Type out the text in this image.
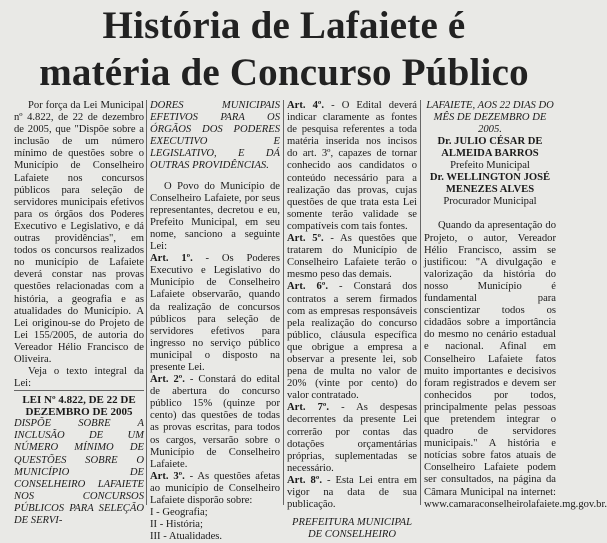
História de Lafaiete é
matéria de Concurso Público

Por força da Lei Municipal nº 4.822, de 22 de dezembro de 2005, que "Dispõe sobre a inclusão de um número mínimo de questões sobre o Município de Conselheiro Lafaiete nos concursos públicos para seleção de servidores municipais efetivos para os órgãos dos Poderes Executivo e Legislativo, e dá outras providências", em todos os concursos realizados no município de Lafaiete deverá constar nas provas questões relacionadas com a história, a geografia e as atualidades do Município. A Lei originou-se do Projeto de Lei 155/2005, de autoria do Vereador Hélio Francisco de Oliveira.

Veja o texto integral da Lei:

LEI Nº 4.822, DE 22 DE DEZEMBRO DE 2005

DISPÕE SOBRE A INCLUSÃO DE UM NÚMERO MÍNIMO DE QUESTÕES SOBRE O MUNICÍPIO DE CONSELHEIRO LAFAIETE NOS CONCURSOS PÚBLICOS PARA SELEÇÃO DE SERVI-

DORES MUNICIPAIS EFETIVOS PARA OS ÓRGÃOS DOS PODERES EXECUTIVO E LEGISLATIVO, E DÁ OUTRAS PROVIDÊNCIAS.

O Povo do Município de Conselheiro Lafaiete, por seus representantes, decretou e eu, Prefeito Municipal, em seu nome, sanciono a seguinte Lei:

Art. 1º. - Os Poderes Executivo e Legislativo do Município de Conselheiro Lafaiete observarão, quando da realização de concursos públicos para seleção de servidores efetivos para ingresso no serviço público municipal o disposto na presente Lei.

Art. 2º. - Constará do edital de abertura do concurso público 15% (quinze por cento) das questões de todas as provas escritas, para todos os cargos, versarão sobre o Município de Conselheiro Lafaiete.

Art. 3º. - As questões afetas ao município de Conselheiro Lafaiete disporão sobre:

I - Geografia;

II - História;

III - Atualidades.

Art. 4º. - O Edital deverá indicar claramente as fontes de pesquisa referentes a toda matéria inserida nos incisos do art. 3º, capazes de tornar conhecido aos candidatos o conteúdo necessário para a realização das provas, cujas questões de que trata esta Lei somente terão validade se compatíveis com tais fontes.

Art. 5º. - As questões que tratarem do Município de Conselheiro Lafaiete terão o mesmo peso das demais.

Art. 6º. - Constará dos contratos a serem firmados com as empresas responsáveis pela realização do concurso público, cláusula específica que obrigue a empresa a observar a presente lei, sob pena de multa no valor de 20% (vinte por cento) do valor contratado.

Art. 7º. - As despesas decorrentes da presente Lei correrão por contas das dotações orçamentárias próprias, suplementadas se necessário.

Art. 8º. - Esta Lei entra em vigor na data de sua publicação.

PREFEITURA MUNICIPAL DE CONSELHEIRO

LAFAIETE, AOS 22 DIAS DO MÊS DE DEZEMBRO DE 2005.

Dr. JULIO CÉSAR DE ALMEIDA BARROS

Prefeito Municipal

Dr. WELLINGTON JOSÉ MENEZES ALVES

Procurador Municipal

Quando da apresentação do Projeto, o autor, Vereador Hélio Francisco, assim se justificou: "A divulgação e valorização da história do nosso Município é fundamental para conscientizar todos os cidadãos sobre a importância do mesmo no cenário estadual e nacional. Afinal em Conselheiro Lafaiete fatos muito importantes e decisivos foram registrados e devem ser conhecidos por todos, principalmente pelas pessoas que pretendem integrar o quadro de servidores municipais." A história e notícias sobre fatos atuais de Conselheiro Lafaiete podem ser consultados, na página da Câmara Municipal na internet: www.camaraconselheirolafaiete.mg.gov.br.
